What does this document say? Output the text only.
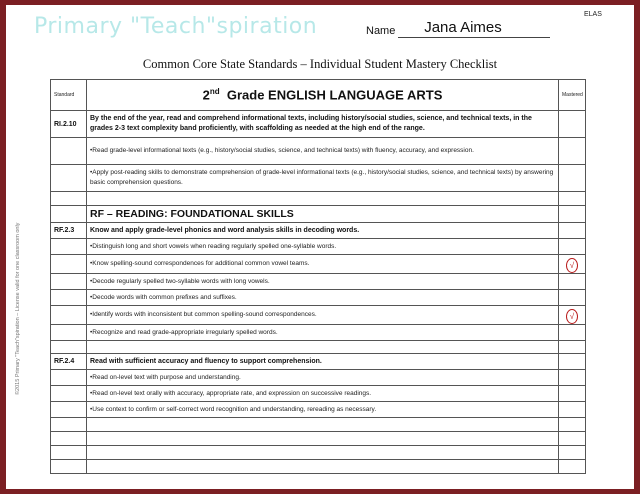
Primary "Teach"spiration	Name	Jana Aimes
ELAS
Common Core State Standards – Individual Student Mastery Checklist
©2015 Primary "Teach"spiration – License valid for one classroom only
Standard	2nd Grade ENGLISH LANGUAGE ARTS	Mastered
RI.2.10	By the end of the year, read and comprehend informational texts, including history/social studies, science, and technical texts, in the grades 2-3 text complexity band proficiently, with scaffolding as needed at the high end of the range.	
	•Read grade-level informational texts (e.g., history/social studies, science, and technical texts) with fluency, accuracy, and expression.	
	•Apply post-reading skills to demonstrate comprehension of grade-level informational texts (e.g., history/social studies, science, and technical texts) by answering basic comprehension questions.	

	RF – READING: FOUNDATIONAL SKILLS	
RF.2.3	Know and apply grade-level phonics and word analysis skills in decoding words.	
	•Distinguish long and short vowels when reading regularly spelled one-syllable words.	
	•Know spelling-sound correspondences for additional common vowel teams.	√
	•Decode regularly spelled two-syllable words with long vowels.	
	•Decode words with common prefixes and suffixes.	
	•Identify words with inconsistent but common spelling-sound correspondences.	√
	•Recognize and read grade-appropriate irregularly spelled words.	

RF.2.4	Read with sufficient accuracy and fluency to support comprehension.	
	•Read on-level text with purpose and understanding.	
	•Read on-level text orally with accuracy, appropriate rate, and expression on successive readings.	
	•Use context to confirm or self-correct word recognition and understanding, rereading as necessary.	
